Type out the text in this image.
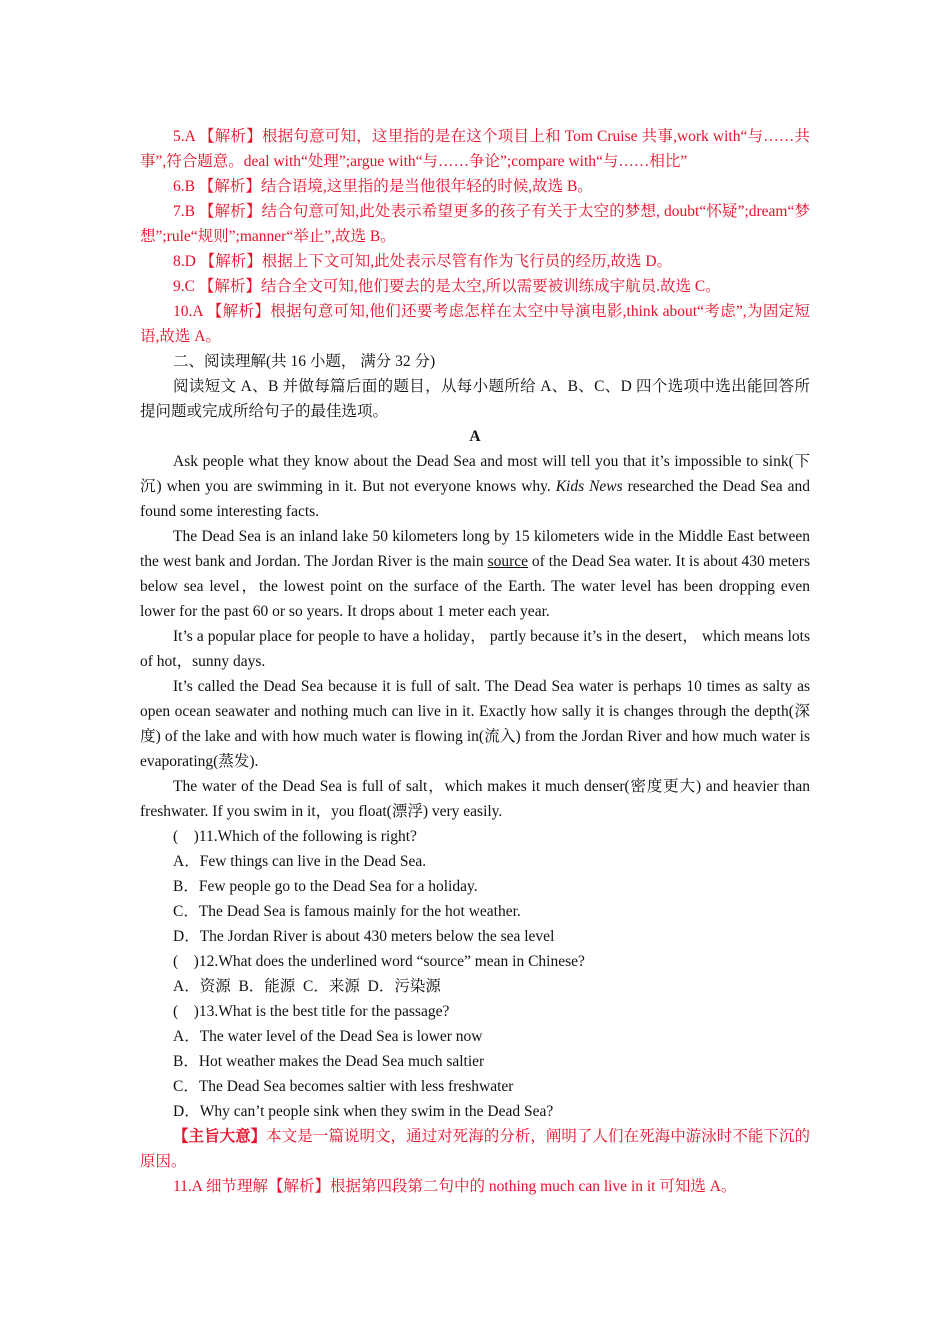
5.A 【解析】根据句意可知，这里指的是在这个项目上和 Tom Cruise 共事,work with“与……共事”,符合题意。deal with“处理”;argue with“与……争论”;compare with“与……相比”

6.B 【解析】结合语境,这里指的是当他很年轻的时候,故选 B。

7.B 【解析】结合句意可知,此处表示希望更多的孩子有关于太空的梦想, doubt“怀疑”;dream“梦想”;rule“规则”;manner“举止”,故选 B。

8.D 【解析】根据上下文可知,此处表示尽管有作为飞行员的经历,故选 D。

9.C 【解析】结合全文可知,他们要去的是太空,所以需要被训练成宇航员.故选 C。

10.A 【解析】根据句意可知,他们还要考虑怎样在太空中导演电影,think about“考虑”,为固定短语,故选 A。

二、阅读理解(共 16 小题， 满分 32 分)

阅读短文 A、B 并做每篇后面的题目，从每小题所给 A、B、C、D 四个选项中选出能回答所提问题或完成所给句子的最佳选项。

A

Ask people what they know about the Dead Sea and most will tell you that it’s impossible to sink(下沉) when you are swimming in it. But not everyone knows why. Kids News researched the Dead Sea and found some interesting facts.

The Dead Sea is an inland lake 50 kilometers long by 15 kilometers wide in the Middle East between the west bank and Jordan. The Jordan River is the main source of the Dead Sea water. It is about 430 meters below sea level，the lowest point on the surface of the Earth. The water level has been dropping even lower for the past 60 or so years. It drops about 1 meter each year.

It’s a popular place for people to have a holiday， partly because it’s in the desert， which means lots of hot，sunny days.

It’s called the Dead Sea because it is full of salt. The Dead Sea water is perhaps 10 times as salty as open ocean seawater and nothing much can live in it. Exactly how sally it is changes through the depth(深度) of the lake and with how much water is flowing in(流入) from the Jordan River and how much water is evaporating(蒸发).

The water of the Dead Sea is full of salt，which makes it much denser(密度更大) and heavier than freshwater. If you swim in it，you float(漂浮) very easily.

(　)11.Which of the following is right?

A．Few things can live in the Dead Sea.

B．Few people go to the Dead Sea for a holiday.

C．The Dead Sea is famous mainly for the hot weather.

D．The Jordan River is about 430 meters below the sea level

(　)12.What does the underlined word “source” mean in Chinese?

A．资源  B．能源  C．来源  D．污染源

(　)13.What is the best title for the passage?

A．The water level of the Dead Sea is lower now

B．Hot weather makes the Dead Sea much saltier

C．The Dead Sea becomes saltier with less freshwater

D．Why can’t people sink when they swim in the Dead Sea?

【主旨大意】本文是一篇说明文，通过对死海的分析，阐明了人们在死海中游泳时不能下沉的原因。

11.A 细节理解【解析】根据第四段第二句中的 nothing much can live in it 可知选 A。
